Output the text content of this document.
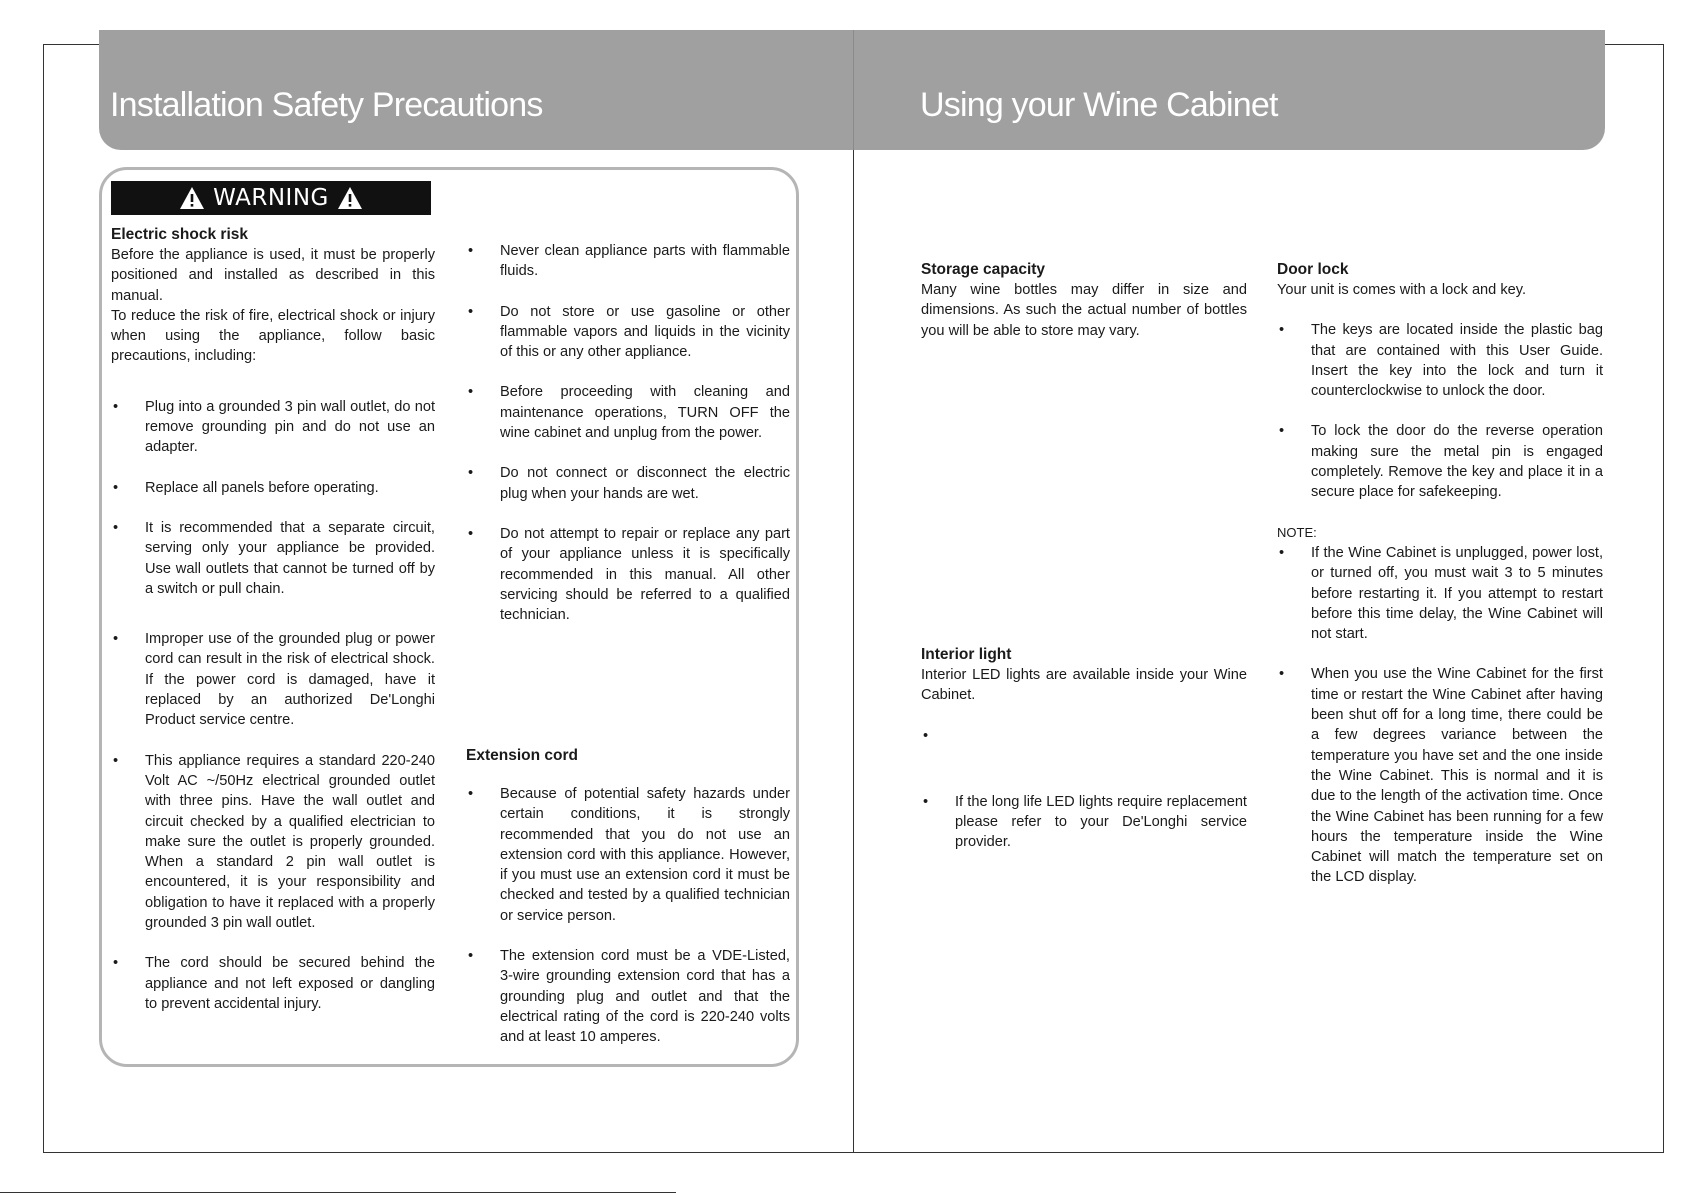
Installation Safety Precautions	Using your Wine Cabinet
WARNING

Electric shock risk

Before the appliance is used, it must be properly positioned and installed as described in this manual.

To reduce the risk of fire, electrical shock or injury when using the appliance, follow basic precautions, including:

• Plug into a grounded 3 pin wall outlet, do not remove grounding pin and do not use an adapter.

• Replace all panels before operating.

• It is recommended that a separate circuit, serving only your appliance be provided. Use wall outlets that cannot be turned off by a switch or pull chain.

• Improper use of the grounded plug or power cord can result in the risk of electrical shock. If the power cord is damaged, have it replaced by an authorized De'Longhi Product service centre.

• This appliance requires a standard 220-240 Volt AC ~/50Hz electrical grounded outlet with three pins. Have the wall outlet and circuit checked by a qualified electrician to make sure the outlet is properly grounded. When a standard 2 pin wall outlet is encountered, it is your responsibility and obligation to have it replaced with a properly grounded 3 pin wall outlet.

• The cord should be secured behind the appliance and not left exposed or dangling to prevent accidental injury.

• Never clean appliance parts with flammable fluids.

• Do not store or use gasoline or other flammable vapors and liquids in the vicinity of this or any other appliance.

• Before proceeding with cleaning and maintenance operations, TURN OFF the wine cabinet and unplug from the power.

• Do not connect or disconnect the electric plug when your hands are wet.

• Do not attempt to repair or replace any part of your appliance unless it is specifically recommended in this manual. All other servicing should be referred to a qualified technician.

Extension cord

• Because of potential safety hazards under certain conditions, it is strongly recommended that you do not use an extension cord with this appliance. However, if you must use an extension cord it must be checked and tested by a qualified technician or service person.

• The extension cord must be a VDE-Listed, 3-wire grounding extension cord that has a grounding plug and outlet and that the electrical rating of the cord is 220-240 volts and at least 10 amperes.

Storage capacity

Many wine bottles may differ in size and dimensions. As such the actual number of bottles you will be able to store may vary.

Interior light

Interior LED lights are available inside your Wine Cabinet.

•

• If the long life LED lights require replacement please refer to your De'Longhi service provider.

Door lock

Your unit is comes with a lock and key.

• The keys are located inside the plastic bag that are contained with this User Guide. Insert the key into the lock and turn it counterclockwise to unlock the door.

• To lock the door do the reverse operation making sure the metal pin is engaged completely. Remove the key and place it in a secure place for safekeeping.

NOTE:

• If the Wine Cabinet is unplugged, power lost, or turned off, you must wait 3 to 5 minutes before restarting it. If you attempt to restart before this time delay, the Wine Cabinet will not start.

• When you use the Wine Cabinet for the first time or restart the Wine Cabinet after having been shut off for a long time, there could be a few degrees variance between the temperature you have set and the one inside the Wine Cabinet. This is normal and it is due to the length of the activation time. Once the Wine Cabinet has been running for a few hours the temperature inside the Wine Cabinet will match the temperature set on the LCD display.
